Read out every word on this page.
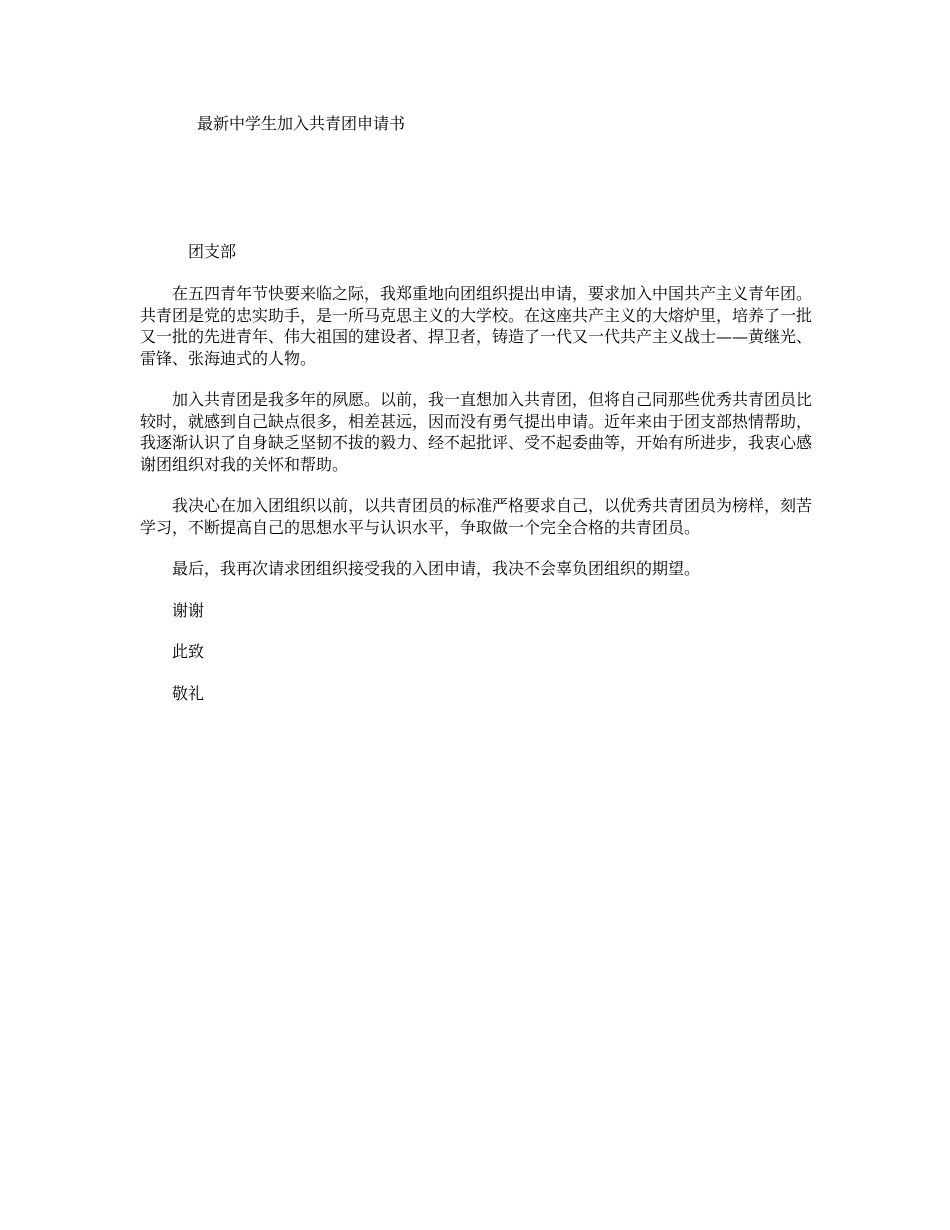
最新中学生加入共青团申请书
团支部

在五四青年节快要来临之际，我郑重地向团组织提出申请，要求加入中国共产主义青年团。共青团是党的忠实助手，是一所马克思主义的大学校。在这座共产主义的大熔炉里，培养了一批又一批的先进青年、伟大祖国的建设者、捍卫者，铸造了一代又一代共产主义战士——黄继光、雷锋、张海迪式的人物。

加入共青团是我多年的夙愿。以前，我一直想加入共青团，但将自己同那些优秀共青团员比较时，就感到自己缺点很多，相差甚远，因而没有勇气提出申请。近年来由于团支部热情帮助，我逐渐认识了自身缺乏坚韧不拔的毅力、经不起批评、受不起委曲等，开始有所进步，我衷心感谢团组织对我的关怀和帮助。

我决心在加入团组织以前，以共青团员的标准严格要求自己，以优秀共青团员为榜样，刻苦学习，不断提高自己的思想水平与认识水平，争取做一个完全合格的共青团员。

最后，我再次请求团组织接受我的入团申请，我决不会辜负团组织的期望。
谢谢
此致
敬礼
